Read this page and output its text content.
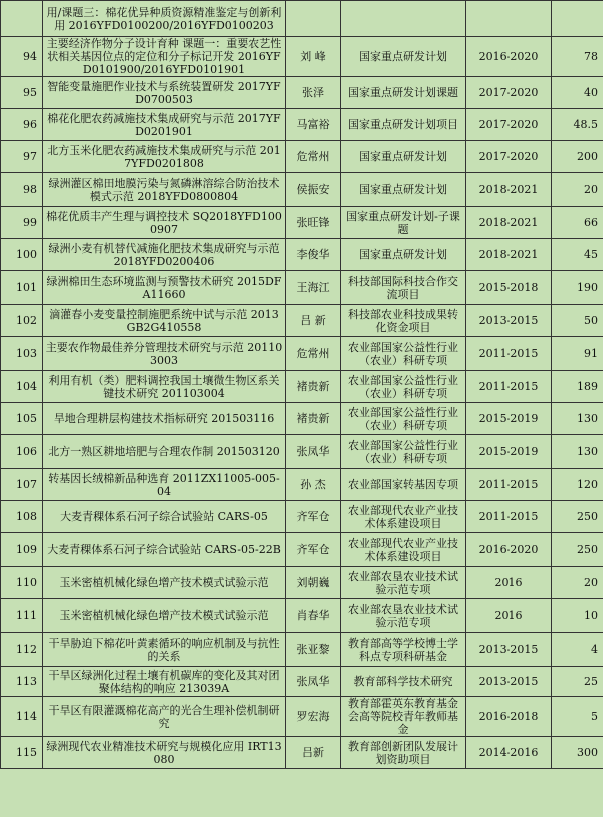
	用/课题三：棉花优异种质资源精准鉴定与创新利用 2016YFD0100200/2016YFD0100203				
94	主要经济作物分子设计育种 课题一：重要农艺性状相关基因位点的定位和分子标记开发 2016YFD0101900/2016YFD0101901	刘 峰	国家重点研发计划	2016-2020	78
95	智能变量施肥作业技术与系统装置研发 2017YFD0700503	张泽	国家重点研发计划课题	2017-2020	40
96	棉花化肥农药减施技术集成研究与示范 2017YFD0201901	马富裕	国家重点研发计划项目	2017-2020	48.5
97	北方玉米化肥农药减施技术集成研究与示范 2017YFD0201808	危常州	国家重点研发计划	2017-2020	200
98	绿洲灌区棉田地膜污染与氮磷淋溶综合防治技术模式示范 2018YFD0800804	侯振安	国家重点研发计划	2018-2021	20
99	棉花优质丰产生理与调控技术 SQ2018YFD1000907	张旺锋	国家重点研发计划-子课题	2018-2021	66
100	绿洲小麦有机替代减施化肥技术集成研究与示范 2018YFD0200406	李俊华	国家重点研发计划	2018-2021	45
101	绿洲棉田生态环境监测与预警技术研究 2015DFA11660	王海江	科技部国际科技合作交流项目	2015-2018	190
102	滴灌春小麦变量控制施肥系统中试与示范 2013GB2G410558	吕 新	科技部农业科技成果转化资金项目	2013-2015	50
103	主要农作物最佳养分管理技术研究与示范 201103003	危常州	农业部国家公益性行业（农业）科研专项	2011-2015	91
104	利用有机（类）肥料调控我国土壤微生物区系关键技术研究 201103004	褚贵新	农业部国家公益性行业（农业）科研专项	2011-2015	189
105	旱地合理耕层构建技术指标研究 201503116	褚贵新	农业部国家公益性行业（农业）科研专项	2015-2019	130
106	北方一熟区耕地培肥与合理农作制 201503120	张凤华	农业部国家公益性行业（农业）科研专项	2015-2019	130
107	转基因长绒棉新品种选育 2011ZX11005-005-04	孙 杰	农业部国家转基因专项	2011-2015	120
108	大麦青稞体系石河子综合试验站 CARS-05	齐军仓	农业部现代农业产业技术体系建设项目	2011-2015	250
109	大麦青稞体系石河子综合试验站 CARS-05-22B	齐军仓	农业部现代农业产业技术体系建设项目	2016-2020	250
110	玉米密植机械化绿色增产技术模式试验示范	刘朝巍	农业部农垦农业技术试验示范专项	2016	20
111	玉米密植机械化绿色增产技术模式试验示范	肖春华	农业部农垦农业技术试验示范专项	2016	10
112	干旱胁迫下棉花叶黄素循环的响应机制及与抗性的关系	张亚黎	教育部高等学校博士学科点专项科研基金	2013-2015	4
113	干旱区绿洲化过程土壤有机碳库的变化及其对团聚体结构的响应 213039A	张凤华	教育部科学技术研究	2013-2015	25
114	干旱区有限灌溉棉花高产的光合生理补偿机制研究	罗宏海	教育部霍英东教育基金会高等院校青年教师基金	2016-2018	5
115	绿洲现代农业精准技术研究与规模化应用 IRT13080	吕新	教育部创新团队发展计划资助项目	2014-2016	300
